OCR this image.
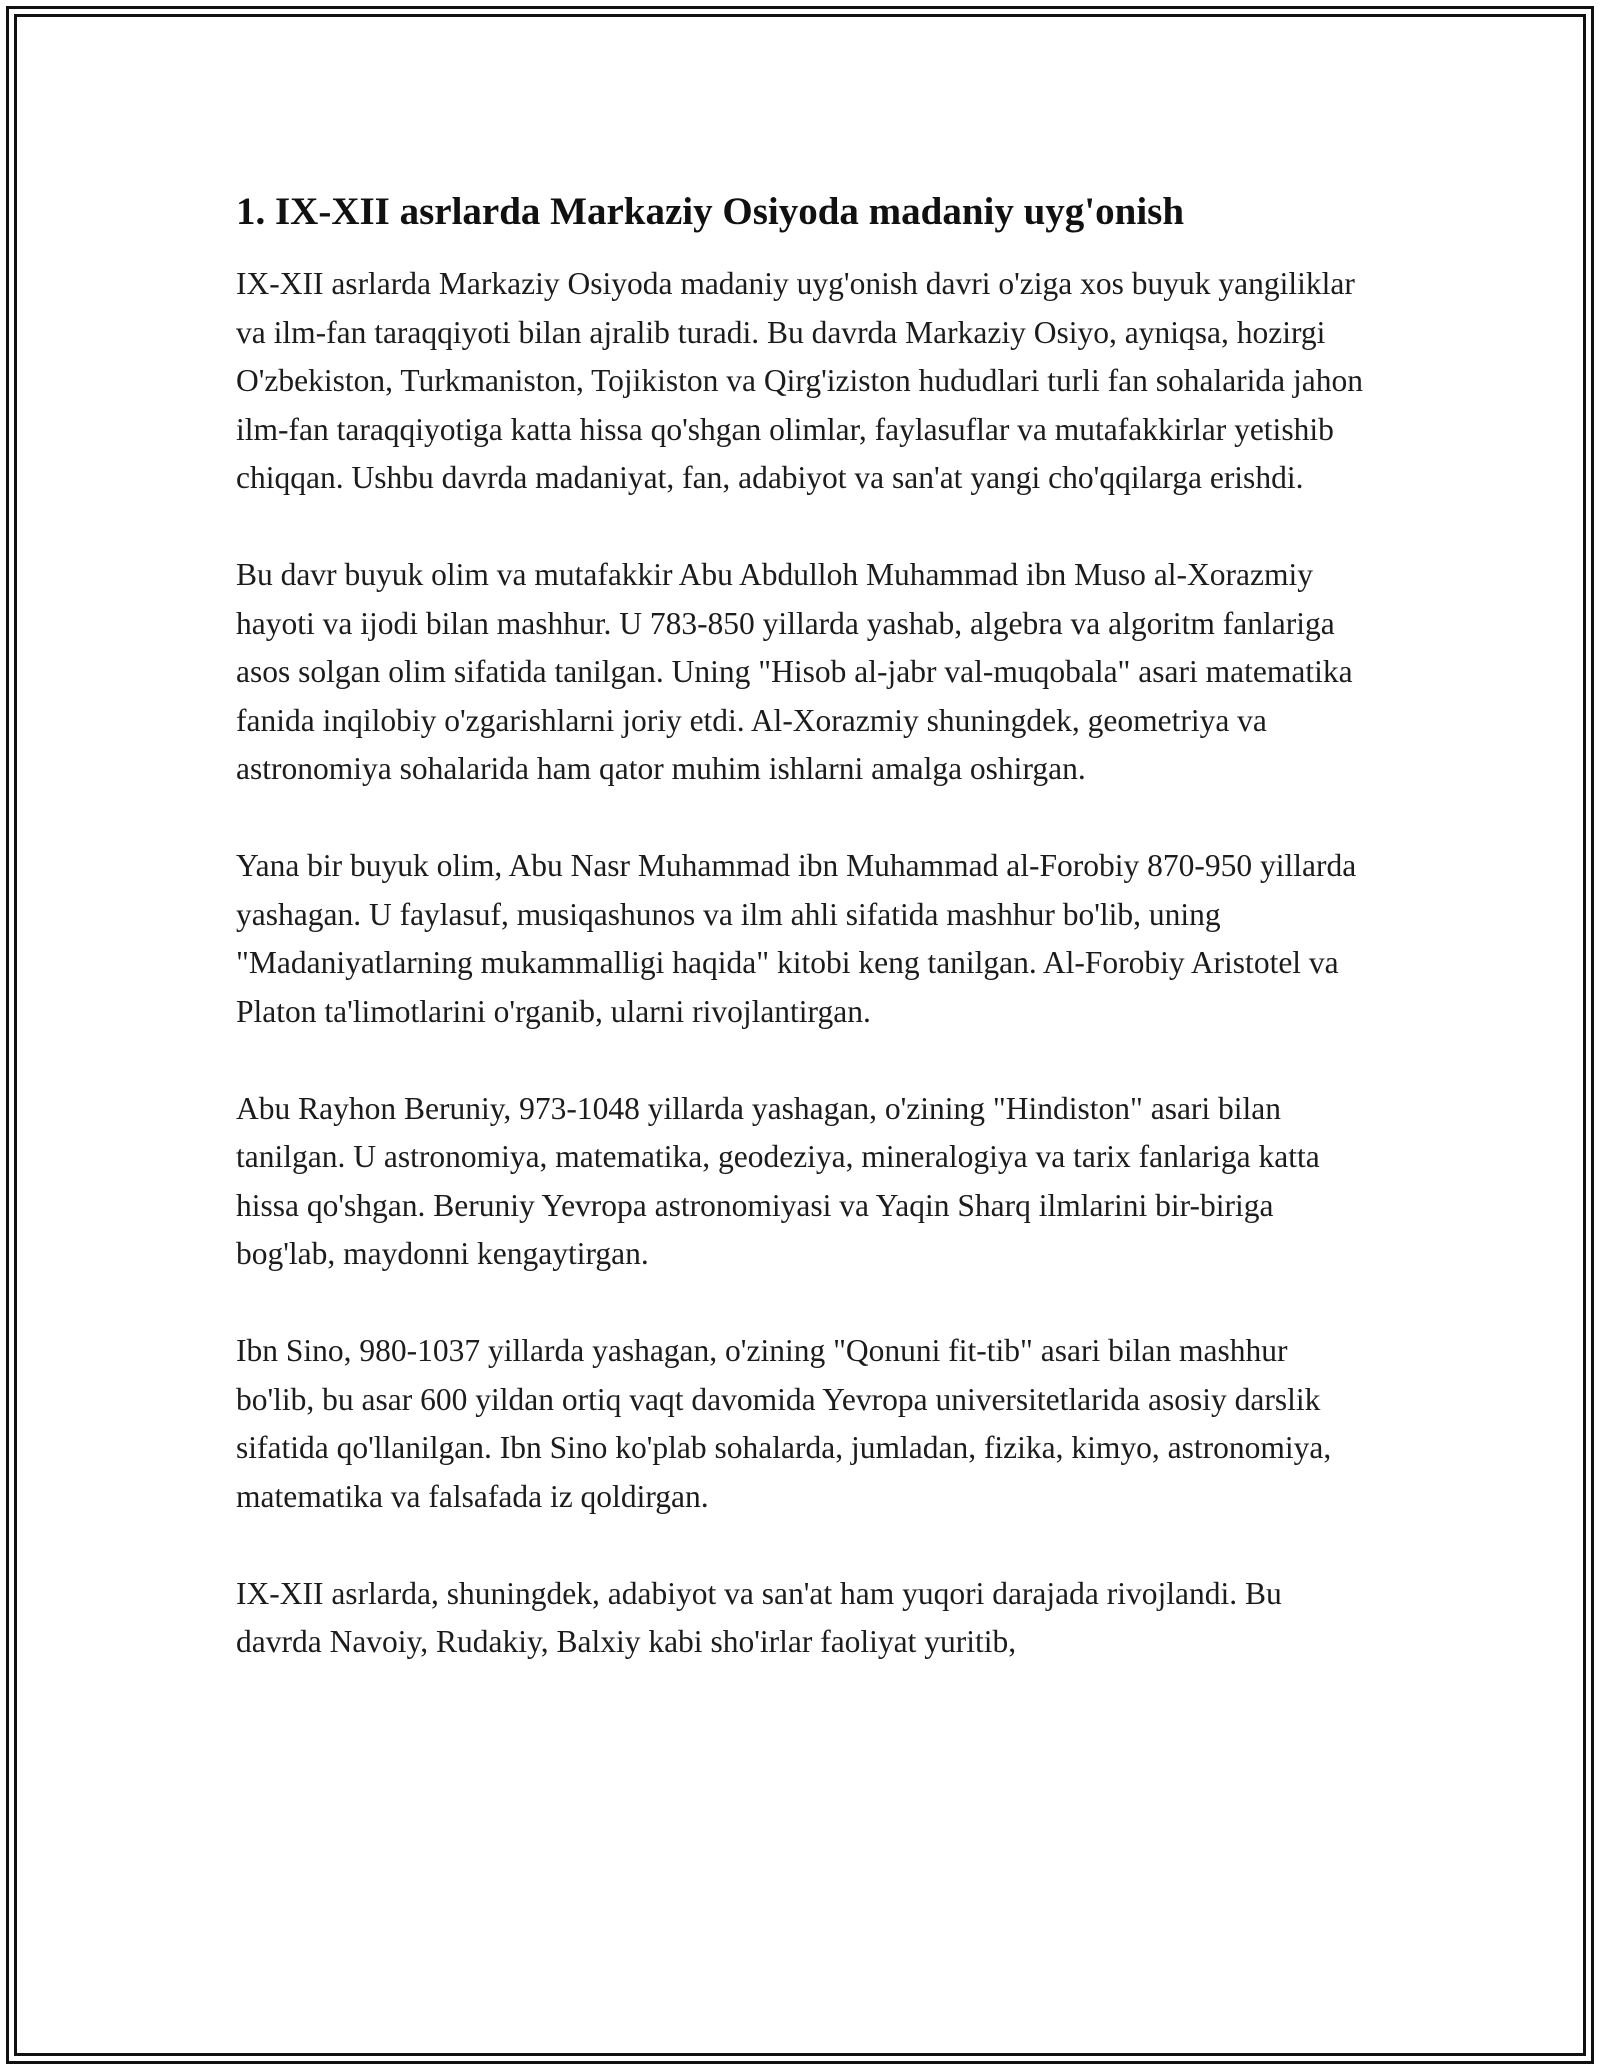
1. IX-XII asrlarda Markaziy Osiyoda madaniy uyg'onish

IX-XII asrlarda Markaziy Osiyoda madaniy uyg'onish davri o'ziga xos buyuk yangiliklar va ilm-fan taraqqiyoti bilan ajralib turadi. Bu davrda Markaziy Osiyo, ayniqsa, hozirgi O'zbekiston, Turkmaniston, Tojikiston va Qirg'iziston hududlari turli fan sohalarida jahon ilm-fan taraqqiyotiga katta hissa qo'shgan olimlar, faylasuflar va mutafakkirlar yetishib chiqqan. Ushbu davrda madaniyat, fan, adabiyot va san'at yangi cho'qqilarga erishdi.

Bu davr buyuk olim va mutafakkir Abu Abdulloh Muhammad ibn Muso al-Xorazmiy hayoti va ijodi bilan mashhur. U 783-850 yillarda yashab, algebra va algoritm fanlariga asos solgan olim sifatida tanilgan. Uning "Hisob al-jabr val-muqobala" asari matematika fanida inqilobiy o'zgarishlarni joriy etdi. Al-Xorazmiy shuningdek, geometriya va astronomiya sohalarida ham qator muhim ishlarni amalga oshirgan.

Yana bir buyuk olim, Abu Nasr Muhammad ibn Muhammad al-Forobiy 870-950 yillarda yashagan. U faylasuf, musiqashunos va ilm ahli sifatida mashhur bo'lib, uning "Madaniyatlarning mukammalligi haqida" kitobi keng tanilgan. Al-Forobiy Aristotel va Platon ta'limotlarini o'rganib, ularni rivojlantirgan.

Abu Rayhon Beruniy, 973-1048 yillarda yashagan, o'zining "Hindiston" asari bilan tanilgan. U astronomiya, matematika, geodeziya, mineralogiya va tarix fanlariga katta hissa qo'shgan. Beruniy Yevropa astronomiyasi va Yaqin Sharq ilmlarini bir-biriga bog'lab, maydonni kengaytirgan.

Ibn Sino, 980-1037 yillarda yashagan, o'zining "Qonuni fit-tib" asari bilan mashhur bo'lib, bu asar 600 yildan ortiq vaqt davomida Yevropa universitetlarida asosiy darslik sifatida qo'llanilgan. Ibn Sino ko'plab sohalarda, jumladan, fizika, kimyo, astronomiya, matematika va falsafada iz qoldirgan.

IX-XII asrlarda, shuningdek, adabiyot va san'at ham yuqori darajada rivojlandi. Bu davrda Navoiy, Rudakiy, Balxiy kabi sho'irlar faoliyat yuritib,
